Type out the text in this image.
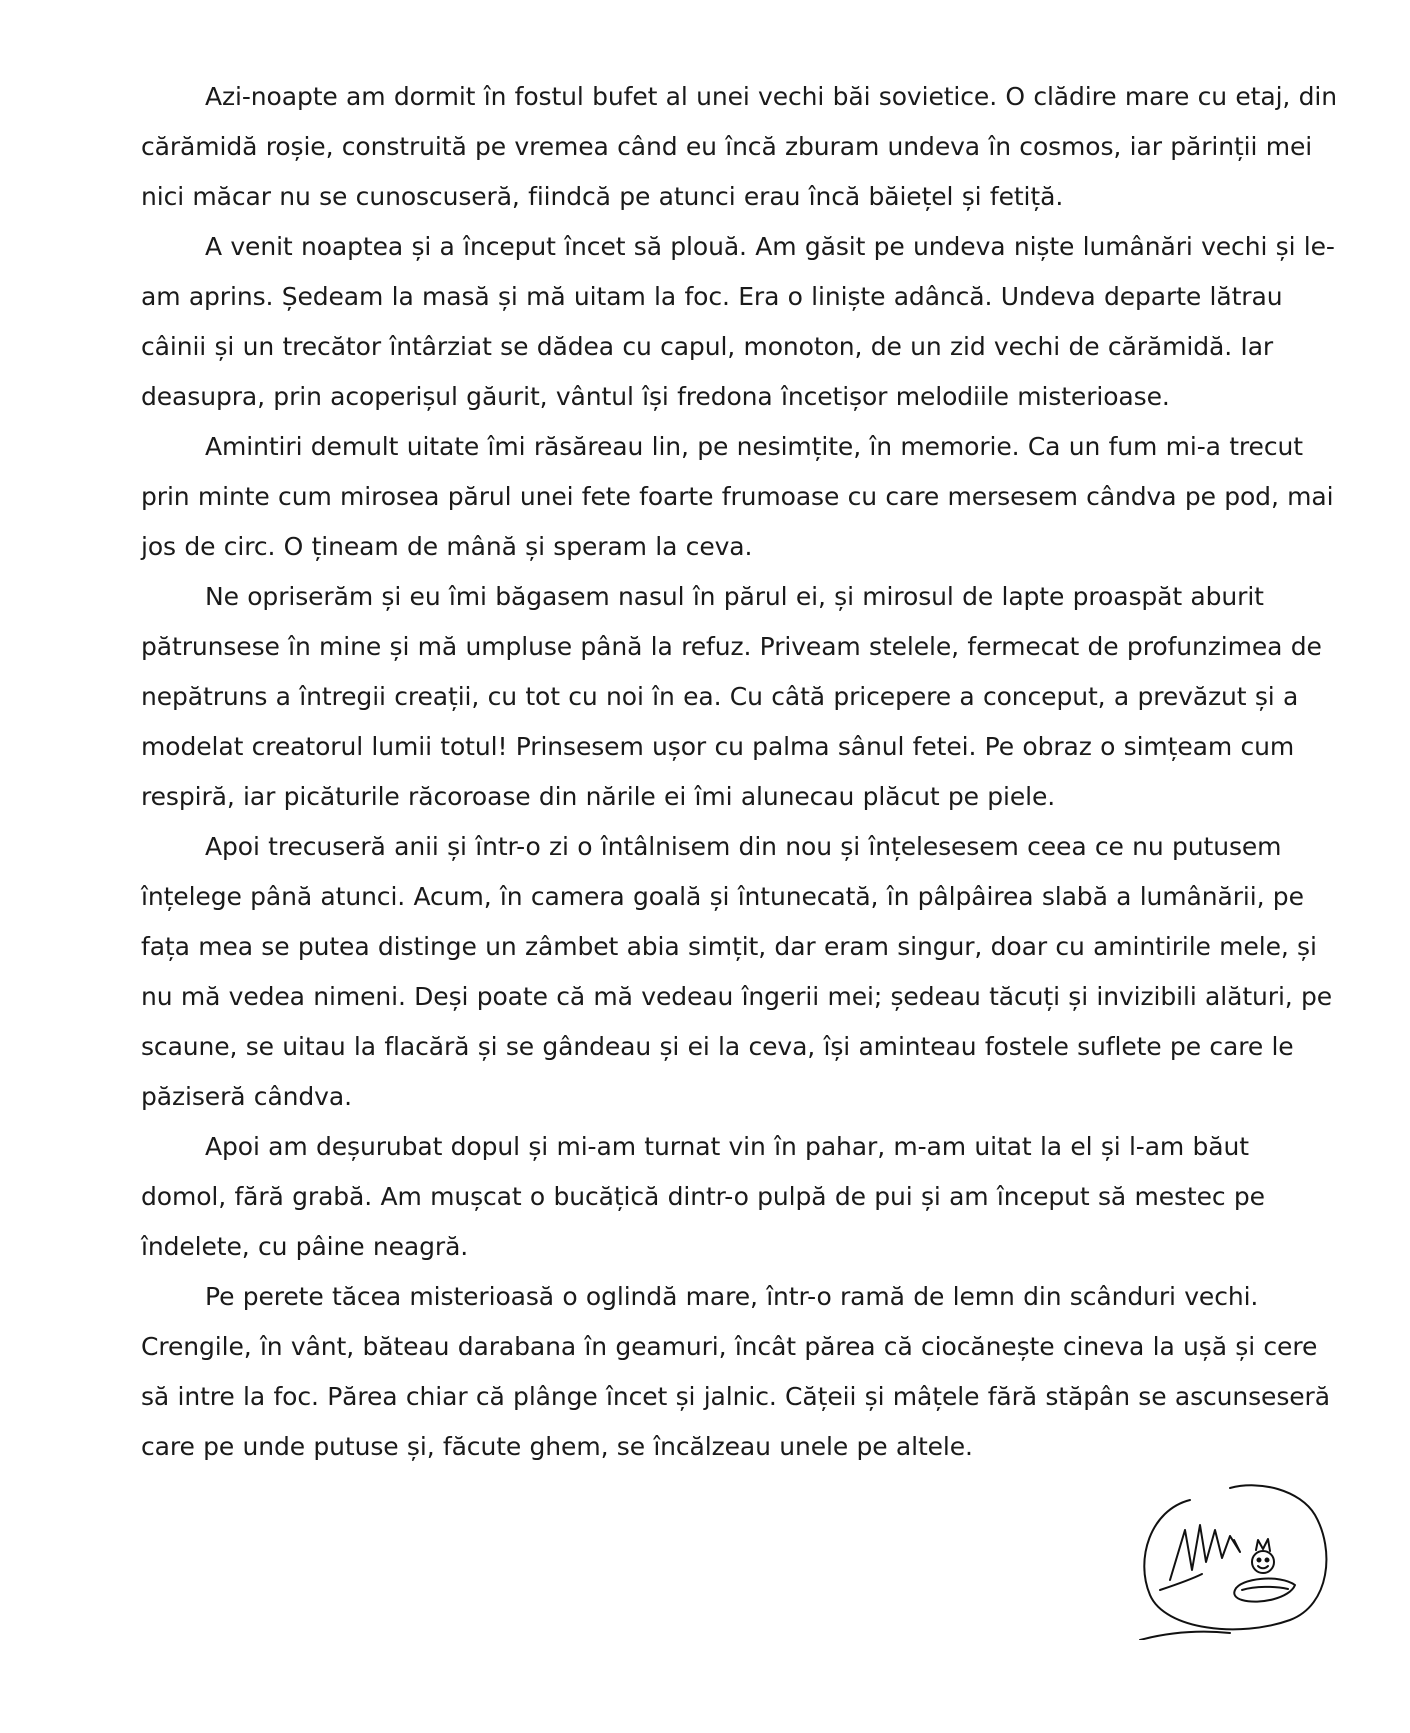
Azi-noapte am dormit în fostul bufet al unei vechi băi sovietice. O clădire mare cu etaj, din cărămidă roșie, construită pe vremea când eu încă zburam undeva în cosmos, iar părinții mei nici măcar nu se cunoscuseră, fiindcă pe atunci erau încă băiețel și fetiță.

A venit noaptea și a început încet să plouă. Am găsit pe undeva niște lumânări vechi și le-am aprins. Ședeam la masă și mă uitam la foc. Era o liniște adâncă. Undeva departe lătrau câinii și un trecător întârziat se dădea cu capul, monoton, de un zid vechi de cărămidă. Iar deasupra, prin acoperișul găurit, vântul își fredona încetișor melodiile misterioase.

Amintiri demult uitate îmi răsăreau lin, pe nesimțite, în memorie. Ca un fum mi-a trecut prin minte cum mirosea părul unei fete foarte frumoase cu care mersesem cândva pe pod, mai jos de circ. O țineam de mână și speram la ceva.

Ne opriserăm și eu îmi băgasem nasul în părul ei, și mirosul de lapte proaspăt aburit pătrunsese în mine și mă umpluse până la refuz. Priveam stelele, fermecat de profunzimea de nepătruns a întregii creații, cu tot cu noi în ea. Cu câtă pricepere a conceput, a prevăzut și a modelat creatorul lumii totul! Prinsesem ușor cu palma sânul fetei. Pe obraz o simțeam cum respiră, iar picăturile răcoroase din nările ei îmi alunecau plăcut pe piele.

Apoi trecuseră anii și într-o zi o întâlnisem din nou și înțelesesem ceea ce nu putusem înțelege până atunci. Acum, în camera goală și întunecată, în pâlpâirea slabă a lumânării, pe fața mea se putea distinge un zâmbet abia simțit, dar eram singur, doar cu amintirile mele, și nu mă vedea nimeni. Deși poate că mă vedeau îngerii mei; ședeau tăcuți și invizibili alături, pe scaune, se uitau la flacără și se gândeau și ei la ceva, își aminteau fostele suflete pe care le păziseră cândva.

Apoi am deșurubat dopul și mi-am turnat vin în pahar, m-am uitat la el și l-am băut domol, fără grabă. Am mușcat o bucățică dintr-o pulpă de pui și am început să mestec pe îndelete, cu pâine neagră.

Pe perete tăcea misterioasă o oglindă mare, într-o ramă de lemn din scânduri vechi. Crengile, în vânt, băteau darabana în geamuri, încât părea că ciocănește cineva la ușă și cere să intre la foc. Părea chiar că plânge încet și jalnic. Cățeii și mâțele fără stăpân se ascunseseră care pe unde putuse și, făcute ghem, se încălzeau unele pe altele.
